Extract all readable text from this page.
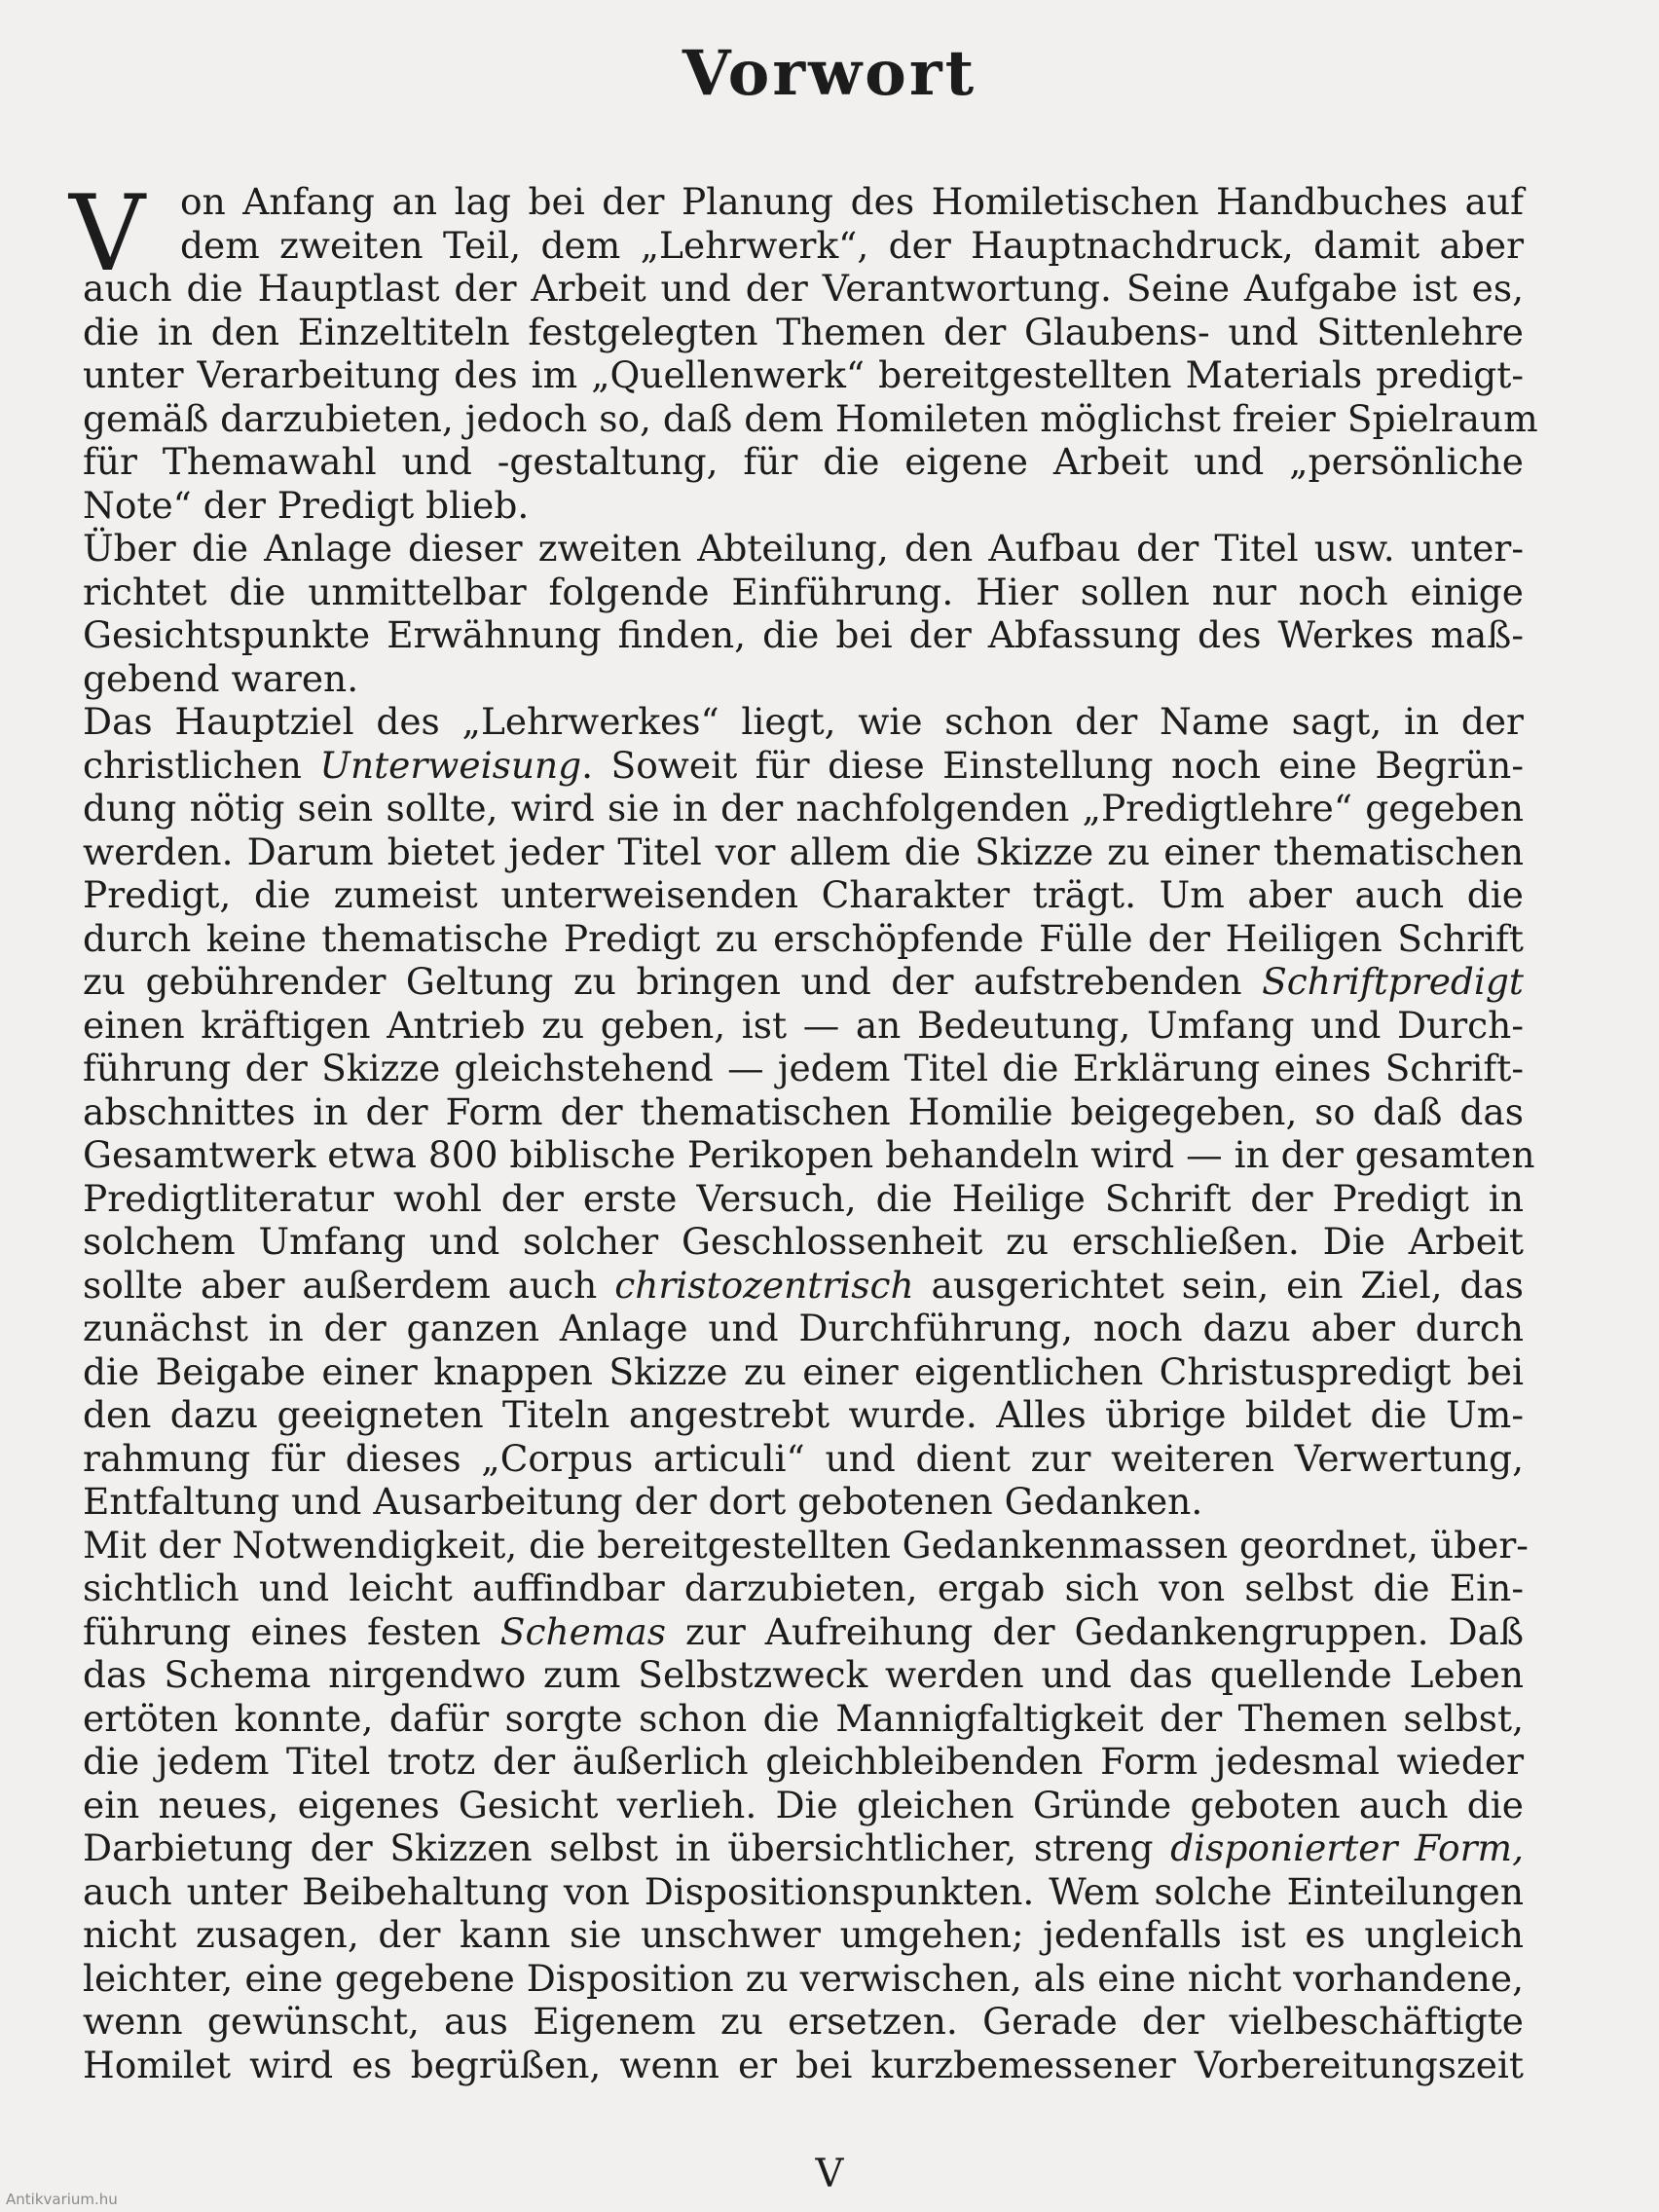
Vorwort
V on Anfang an lag bei der Planung des Homiletischen Handbuches auf
dem zweiten Teil, dem „Lehrwerk“, der Hauptnachdruck, damit aber
auch die Hauptlast der Arbeit und der Verantwortung. Seine Aufgabe ist es,
die in den Einzeltiteln festgelegten Themen der Glaubens- und Sittenlehre
unter Verarbeitung des im „Quellenwerk“ bereitgestellten Materials predigt-
gemäß darzubieten, jedoch so, daß dem Homileten möglichst freier Spielraum
für Themawahl und -gestaltung, für die eigene Arbeit und „persönliche
Note“ der Predigt blieb.
Über die Anlage dieser zweiten Abteilung, den Aufbau der Titel usw. unter-
richtet die unmittelbar folgende Einführung. Hier sollen nur noch einige
Gesichtspunkte Erwähnung finden, die bei der Abfassung des Werkes maß-
gebend waren.
Das Hauptziel des „Lehrwerkes“ liegt, wie schon der Name sagt, in der
christlichen Unterweisung. Soweit für diese Einstellung noch eine Begrün-
dung nötig sein sollte, wird sie in der nachfolgenden „Predigtlehre“ gegeben
werden. Darum bietet jeder Titel vor allem die Skizze zu einer thematischen
Predigt, die zumeist unterweisenden Charakter trägt. Um aber auch die
durch keine thematische Predigt zu erschöpfende Fülle der Heiligen Schrift
zu gebührender Geltung zu bringen und der aufstrebenden Schriftpredigt
einen kräftigen Antrieb zu geben, ist — an Bedeutung, Umfang und Durch-
führung der Skizze gleichstehend — jedem Titel die Erklärung eines Schrift-
abschnittes in der Form der thematischen Homilie beigegeben, so daß das
Gesamtwerk etwa 800 biblische Perikopen behandeln wird — in der gesamten
Predigtliteratur wohl der erste Versuch, die Heilige Schrift der Predigt in
solchem Umfang und solcher Geschlossenheit zu erschließen. Die Arbeit
sollte aber außerdem auch christozentrisch ausgerichtet sein, ein Ziel, das
zunächst in der ganzen Anlage und Durchführung, noch dazu aber durch
die Beigabe einer knappen Skizze zu einer eigentlichen Christuspredigt bei
den dazu geeigneten Titeln angestrebt wurde. Alles übrige bildet die Um-
rahmung für dieses „Corpus articuli“ und dient zur weiteren Verwertung,
Entfaltung und Ausarbeitung der dort gebotenen Gedanken.
Mit der Notwendigkeit, die bereitgestellten Gedankenmassen geordnet, über-
sichtlich und leicht auffindbar darzubieten, ergab sich von selbst die Ein-
führung eines festen Schemas zur Aufreihung der Gedankengruppen. Daß
das Schema nirgendwo zum Selbstzweck werden und das quellende Leben
ertöten konnte, dafür sorgte schon die Mannigfaltigkeit der Themen selbst,
die jedem Titel trotz der äußerlich gleichbleibenden Form jedesmal wieder
ein neues, eigenes Gesicht verlieh. Die gleichen Gründe geboten auch die
Darbietung der Skizzen selbst in übersichtlicher, streng disponierter Form,
auch unter Beibehaltung von Dispositionspunkten. Wem solche Einteilungen
nicht zusagen, der kann sie unschwer umgehen; jedenfalls ist es ungleich
leichter, eine gegebene Disposition zu verwischen, als eine nicht vorhandene,
wenn gewünscht, aus Eigenem zu ersetzen. Gerade der vielbeschäftigte
Homilet wird es begrüßen, wenn er bei kurzbemessener Vorbereitungszeit
V
Antikvarium.hu
